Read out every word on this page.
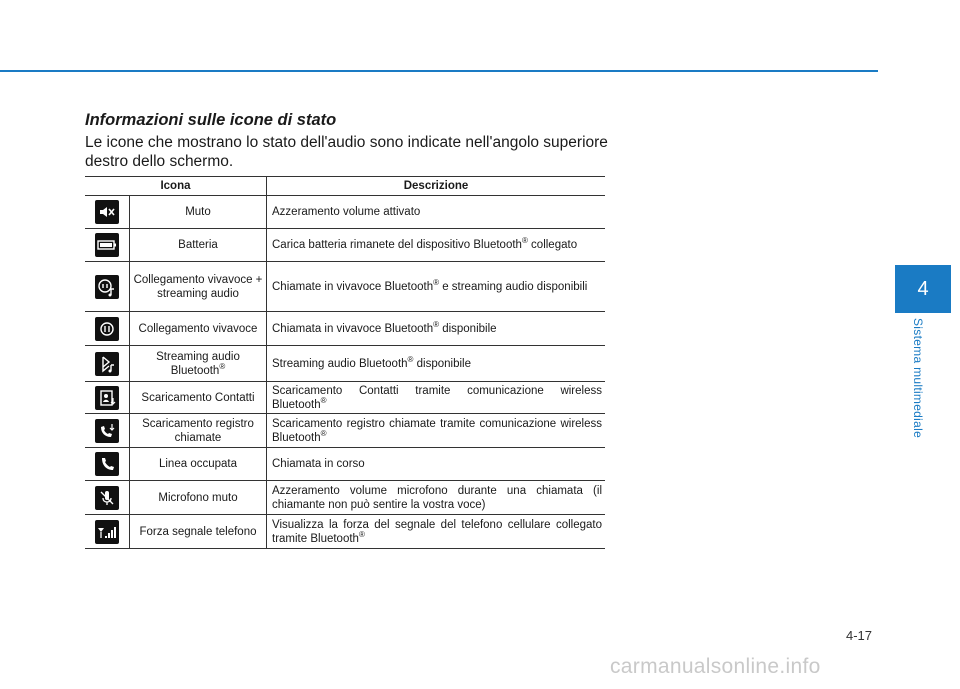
Informazioni sulle icone di stato
Le icone che mostrano lo stato dell'audio sono indicate nell'angolo superiore destro dello schermo.
Icona		Descrizione

	Muto	Azzeramento volume attivato

	Batteria	Carica batteria rimanete del dispositivo Bluetooth® collegato

	Collegamento vivavoce + streaming audio	Chiamate in vivavoce Bluetooth® e streaming audio disponibili

	Collegamento vivavoce	Chiamata in vivavoce Bluetooth® disponibile

	Streaming audio Bluetooth®	Streaming audio Bluetooth® disponibile

	Scaricamento Contatti	Scaricamento Contatti tramite comunicazione wireless Bluetooth®

	Scaricamento registro chiamate	Scaricamento registro chiamate tramite comunicazione wireless Bluetooth®

	Linea occupata	Chiamata in corso

	Microfono muto	Azzeramento volume microfono durante una chiamata (il chiamante non può sentire la vostra voce)

	Forza segnale telefono	Visualizza la forza del segnale del telefono cellulare collegato tramite Bluetooth®
4
Sistema multimediale
4-17
carmanualsonline.info
